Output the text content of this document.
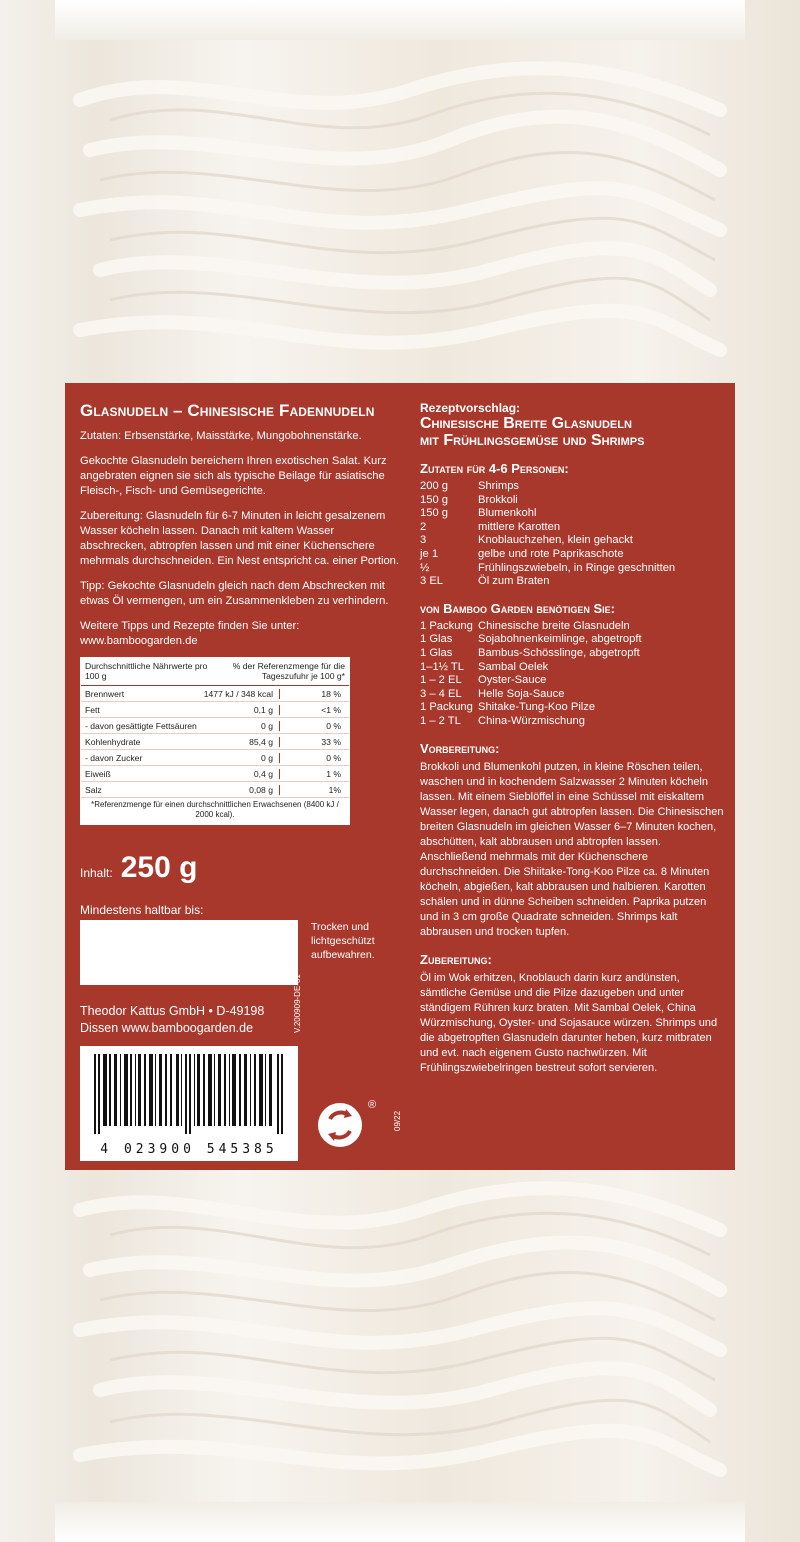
Glasnudeln – Chinesische Fadennudeln

Zutaten: Erbsenstärke, Maisstärke, Mungobohnenstärke.

Gekochte Glasnudeln bereichern Ihren exotischen Salat. Kurz angebraten eignen sie sich als typische Beilage für asiatische Fleisch-, Fisch- und Gemüsegerichte.

Zubereitung: Glasnudeln für 6-7 Minuten in leicht gesalzenem Wasser köcheln lassen. Danach mit kaltem Wasser abschrecken, abtropfen lassen und mit einer Küchenschere mehrmals durchschneiden. Ein Nest entspricht ca. einer Portion.

Tipp: Gekochte Glasnudeln gleich nach dem Abschrecken mit etwas Öl vermengen, um ein Zusammenkleben zu verhindern.

Weitere Tipps und Rezepte finden Sie unter: www.bamboogarden.de

Durchschnittliche Nährwerte pro 100 g
% der Referenzmenge für die Tageszufuhr je 100 g*
Brennwert	1477 kJ / 348 kcal	18 %
Fett	0,1 g	<1 %
- davon gesättigte Fettsäuren	0 g	0 %
Kohlenhydrate	85,4 g	33 %
- davon Zucker	0 g	0 %
Eiweiß	0,4 g	1 %
Salz	0,08 g	1%
*Referenzmenge für einen durchschnittlichen Erwachsenen (8400 kJ / 2000 kcal).
Inhalt: 250 g
Mindestens haltbar bis:
Trocken und lichtgeschützt aufbewahren.
V.200909-DE-01
Theodor Kattus GmbH • D-49198
Dissen www.bamboogarden.de
4 023900 545385
®
09/22

Rezeptvorschlag:

Chinesische Breite Glasnudeln
mit Frühlingsgemüse und Shrimps
Zutaten für 4-6 Personen:
200 g	Shrimps
150 g	Brokkoli
150 g	Blumenkohl
2	mittlere Karotten
3	Knoblauchzehen, klein gehackt
je 1	gelbe und rote Paprikaschote
½	Frühlingszwiebeln, in Ringe geschnitten
3 EL	Öl zum Braten
von Bamboo Garden benötigen Sie:
1 Packung Chinesische breite Glasnudeln
1 Glas	Sojabohnenkeimlinge, abgetropft
1 Glas	Bambus-Schösslinge, abgetropft
1–1½ TL	Sambal Oelek
1 – 2 EL	Oyster-Sauce
3 – 4 EL	Helle Soja-Sauce
1 Packung Shitake-Tung-Koo Pilze
1 – 2 TL	China-Würzmischung
Vorbereitung:

Brokkoli und Blumenkohl putzen, in kleine Röschen teilen, waschen und in kochendem Salzwasser 2 Minuten köcheln lassen. Mit einem Sieblöffel in eine Schüssel mit eiskaltem Wasser legen, danach gut abtropfen lassen. Die Chinesischen breiten Glasnudeln im gleichen Wasser 6–7 Minuten kochen, abschütten, kalt abbrausen und abtropfen lassen. Anschließend mehrmals mit der Küchenschere durchschneiden. Die Shiitake-Tong-Koo Pilze ca. 8 Minuten köcheln, abgießen, kalt abbrausen und halbieren. Karotten schälen und in dünne Scheiben schneiden. Paprika putzen und in 3 cm große Quadrate schneiden. Shrimps kalt abbrausen und trocken tupfen.

Zubereitung:

Öl im Wok erhitzen, Knoblauch darin kurz andünsten, sämtliche Gemüse und die Pilze dazugeben und unter ständigem Rühren kurz braten. Mit Sambal Oelek, China Würzmischung, Oyster- und Sojasauce würzen. Shrimps und die abgetropften Glasnudeln darunter heben, kurz mitbraten und evt. nach eigenem Gusto nachwürzen. Mit Frühlingszwiebelringen bestreut sofort servieren.
